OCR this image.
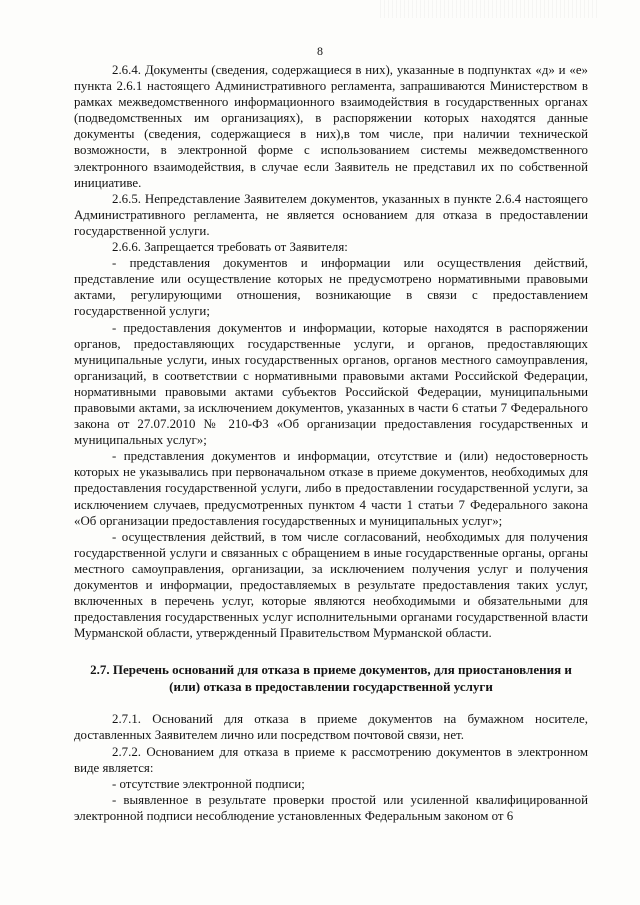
8

2.6.4. Документы (сведения, содержащиеся в них), указанные в подпунктах «д» и «е» пункта 2.6.1 настоящего Административного регламента, запрашиваются Министерством в рамках межведомственного информационного взаимодействия в государственных органах (подведомственных им организациях), в распоряжении которых находятся данные документы (сведения, содержащиеся в них),в том числе, при наличии технической возможности, в электронной форме с использованием системы межведомственного электронного взаимодействия, в случае если Заявитель не представил их по собственной инициативе.

2.6.5. Непредставление Заявителем документов, указанных в пункте 2.6.4 настоящего Административного регламента, не является основанием для отказа в предоставлении государственной услуги.

2.6.6. Запрещается требовать от Заявителя:

- представления документов и информации или осуществления действий, представление или осуществление которых не предусмотрено нормативными правовыми актами, регулирующими отношения, возникающие в связи с предоставлением государственной услуги;

- предоставления документов и информации, которые находятся в распоряжении органов, предоставляющих государственные услуги, и органов, предоставляющих муниципальные услуги, иных государственных органов, органов местного самоуправления, организаций, в соответствии с нормативными правовыми актами Российской Федерации, нормативными правовыми актами субъектов Российской Федерации, муниципальными правовыми актами, за исключением документов, указанных в части 6 статьи 7 Федерального закона от 27.07.2010 № 210-ФЗ «Об организации предоставления государственных и муниципальных услуг»;

- представления документов и информации, отсутствие и (или) недостоверность которых не указывались при первоначальном отказе в приеме документов, необходимых для предоставления государственной услуги, либо в предоставлении государственной услуги, за исключением случаев, предусмотренных пунктом 4 части 1 статьи 7 Федерального закона «Об организации предоставления государственных и муниципальных услуг»;

- осуществления действий, в том числе согласований, необходимых для получения государственной услуги и связанных с обращением в иные государственные органы, органы местного самоуправления, организации, за исключением получения услуг и получения документов и информации, предоставляемых в результате предоставления таких услуг, включенных в перечень услуг, которые являются необходимыми и обязательными для предоставления государственных услуг исполнительными органами государственной власти Мурманской области, утвержденный Правительством Мурманской области.

2.7. Перечень оснований для отказа в приеме документов, для приостановления и (или) отказа в предоставлении государственной услуги

2.7.1. Оснований для отказа в приеме документов на бумажном носителе, доставленных Заявителем лично или посредством почтовой связи, нет.

2.7.2. Основанием для отказа в приеме к рассмотрению документов в электронном виде является:

- отсутствие электронной подписи;

- выявленное в результате проверки простой или усиленной квалифицированной электронной подписи несоблюдение установленных Федеральным законом от 6
